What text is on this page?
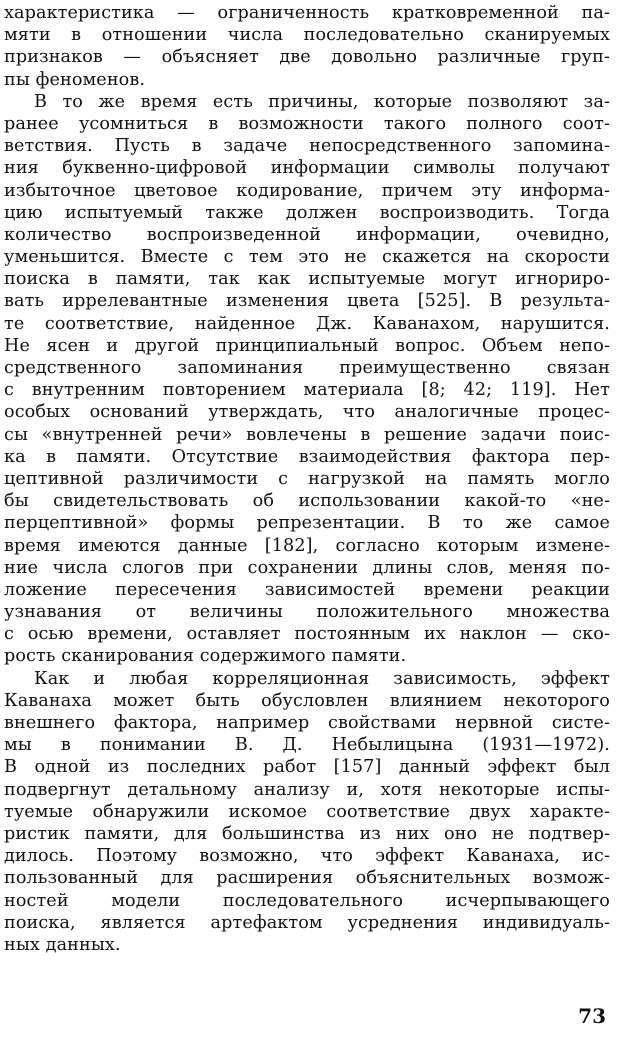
характеристика — ограниченность кратковременной па-
мяти в отношении числа последовательно сканируемых
признаков — объясняет две довольно различные груп-
пы феноменов.
В то же время есть причины, которые позволяют за-
ранее усомниться в возможности такого полного соот-
ветствия. Пусть в задаче непосредственного запомина-
ния буквенно-цифровой информации символы получают
избыточное цветовое кодирование, причем эту информа-
цию испытуемый также должен воспроизводить. Тогда
количество воспроизведенной информации, очевидно,
уменьшится. Вместе с тем это не скажется на скорости
поиска в памяти, так как испытуемые могут игнориро-
вать иррелевантные изменения цвета [525]. В результа-
те соответствие, найденное Дж. Каванахом, нарушится.
Не ясен и другой принципиальный вопрос. Объем непо-
средственного запоминания преимущественно связан
с внутренним повторением материала [8; 42; 119]. Нет
особых оснований утверждать, что аналогичные процес-
сы «внутренней речи» вовлечены в решение задачи поис-
ка в памяти. Отсутствие взаимодействия фактора пер-
цептивной различимости с нагрузкой на память могло
бы свидетельствовать об использовании какой-то «не-
перцептивной» формы репрезентации. В то же самое
время имеются данные [182], согласно которым измене-
ние числа слогов при сохранении длины слов, меняя по-
ложение пересечения зависимостей времени реакции
узнавания от величины положительного множества
с осью времени, оставляет постоянным их наклон — ско-
рость сканирования содержимого памяти.
Как и любая корреляционная зависимость, эффект
Каванаха может быть обусловлен влиянием некоторого
внешнего фактора, например свойствами нервной систе-
мы в понимании В. Д. Небылицына (1931—1972).
В одной из последних работ [157] данный эффект был
подвергнут детальному анализу и, хотя некоторые испы-
туемые обнаружили искомое соответствие двух характе-
ристик памяти, для большинства из них оно не подтвер-
дилось. Поэтому возможно, что эффект Каванаха, ис-
пользованный для расширения объяснительных возмож-
ностей модели последовательного исчерпывающего
поиска, является артефактом усреднения индивидуаль-
ных данных.
73
